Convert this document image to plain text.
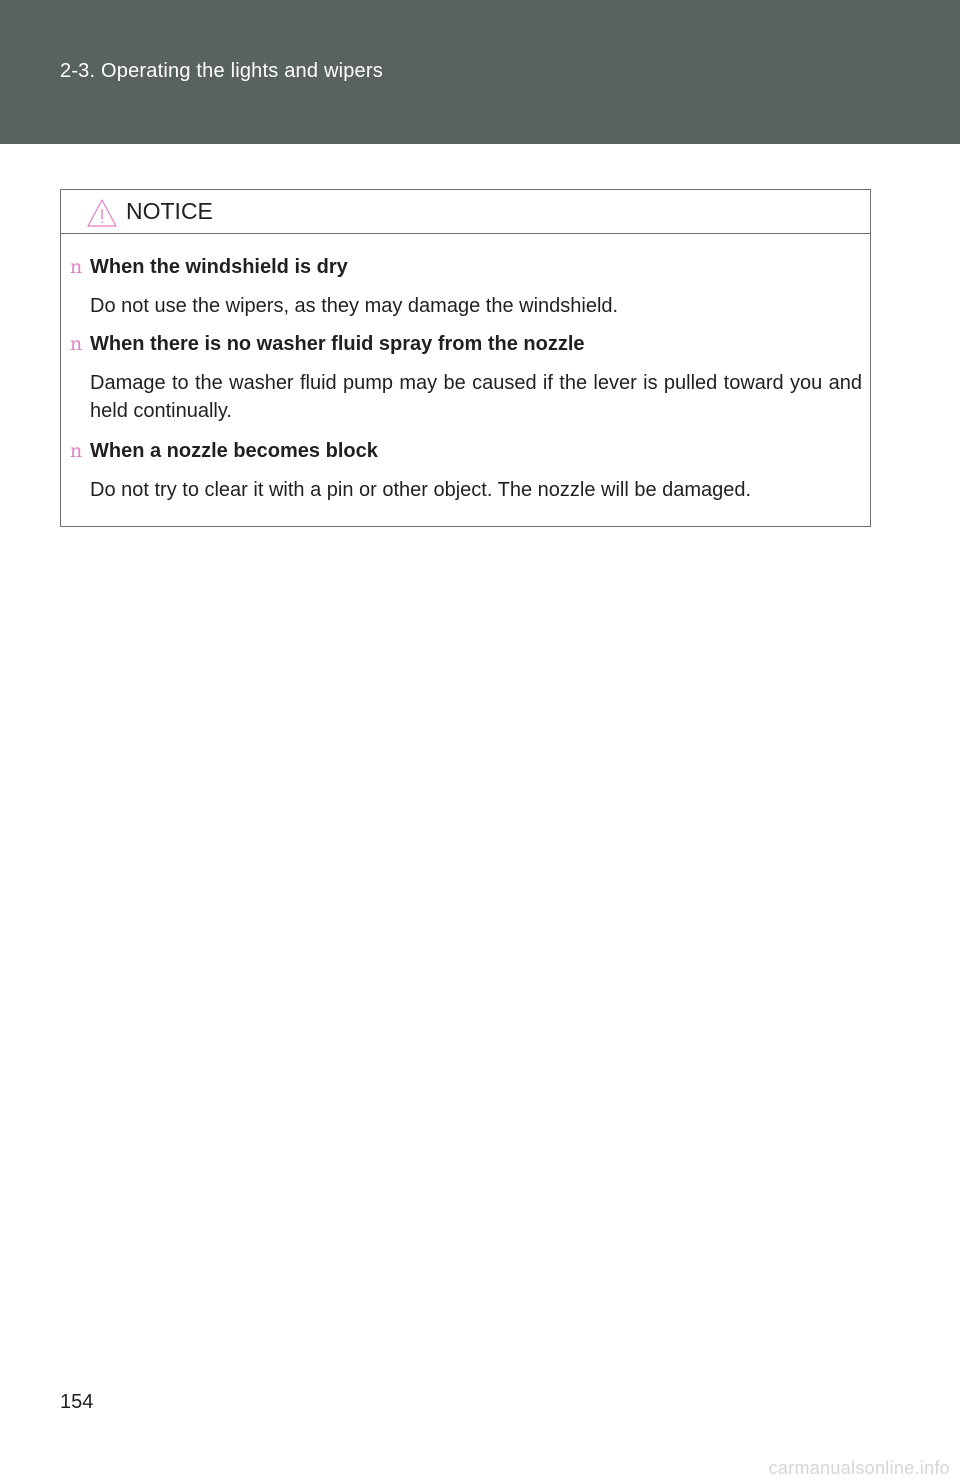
2-3. Operating the lights and wipers
NOTICE
n When the windshield is dry
Do not use the wipers, as they may damage the windshield.
n When there is no washer fluid spray from the nozzle
Damage to the washer fluid pump may be caused if the lever is pulled toward you and held continually.
n When a nozzle becomes block
Do not try to clear it with a pin or other object. The nozzle will be damaged.
154
carmanualsonline.info
